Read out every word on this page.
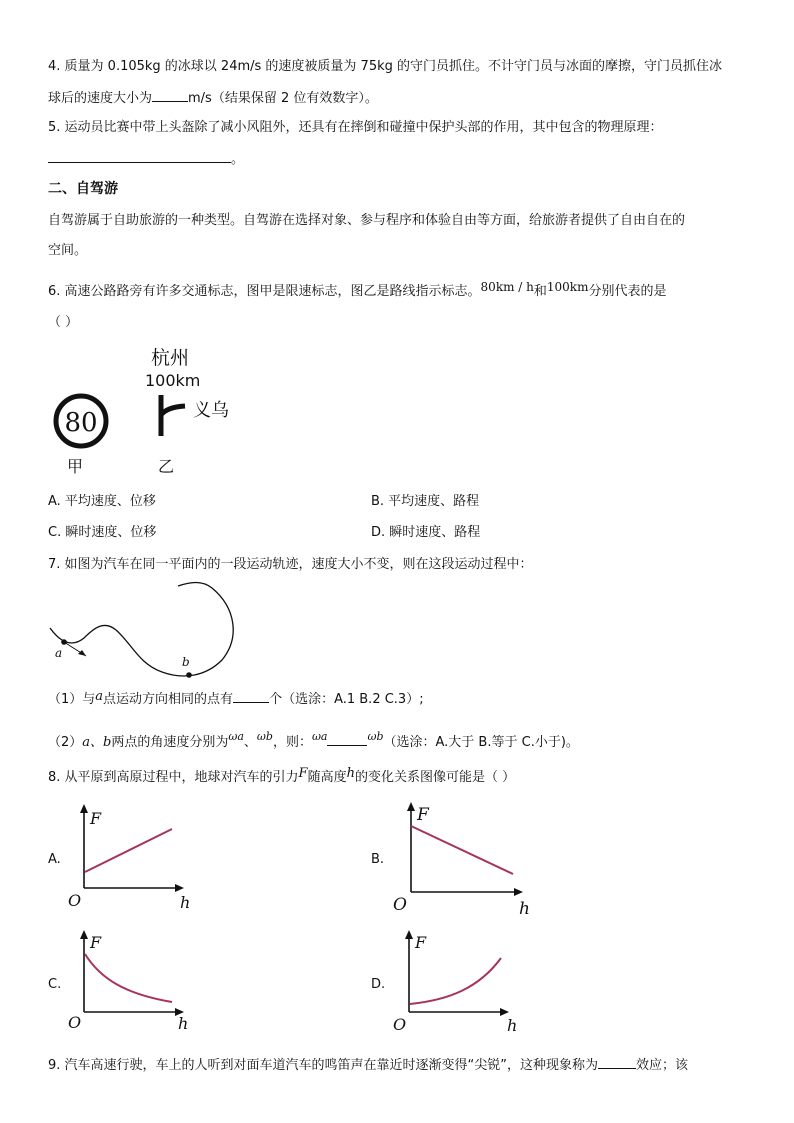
4. 质量为 0.105kg 的冰球以 24m/s 的速度被质量为 75kg 的守门员抓住。不计守门员与冰面的摩擦，守门员抓住冰
球后的速度大小为	m/s（结果保留 2 位有效数字）。
5. 运动员比赛中带上头盔除了减小风阻外，还具有在摔倒和碰撞中保护头部的作用，其中包含的物理原理：
。
二、自驾游
自驾游属于自助旅游的一种类型。自驾游在选择对象、参与程序和体验自由等方面，给旅游者提供了自由自在的
空间。
6. 高速公路路旁有许多交通标志，图甲是限速标志，图乙是路线指示标志。80km / h和100km分别代表的是
（ ）
80
甲
杭州
100km
义乌
乙
A. 平均速度、位移	B. 平均速度、路程
C. 瞬时速度、位移	D. 瞬时速度、路程
7. 如图为汽车在同一平面内的一段运动轨迹，速度大小不变，则在这段运动过程中：
a
b
（1）与a点运动方向相同的点有	个（选涂：A.1 B.2 C.3）;
（2）a、b两点的角速度分别为$^{\omega a}$、$^{\omega b}$，则：$^{\omega a}$	$^{\omega b}$（选涂：A.大于 B.等于 C.小于)。
8. 从平原到高原过程中，地球对汽车的引力F随高度h的变化关系图像可能是（ ）
A.
F
h
O
B.
F
h
O
C.
F
h
O
D.
F
h
O
9. 汽车高速行驶，车上的人听到对面车道汽车的鸣笛声在靠近时逐渐变得“尖锐”，这种现象称为	效应；该
